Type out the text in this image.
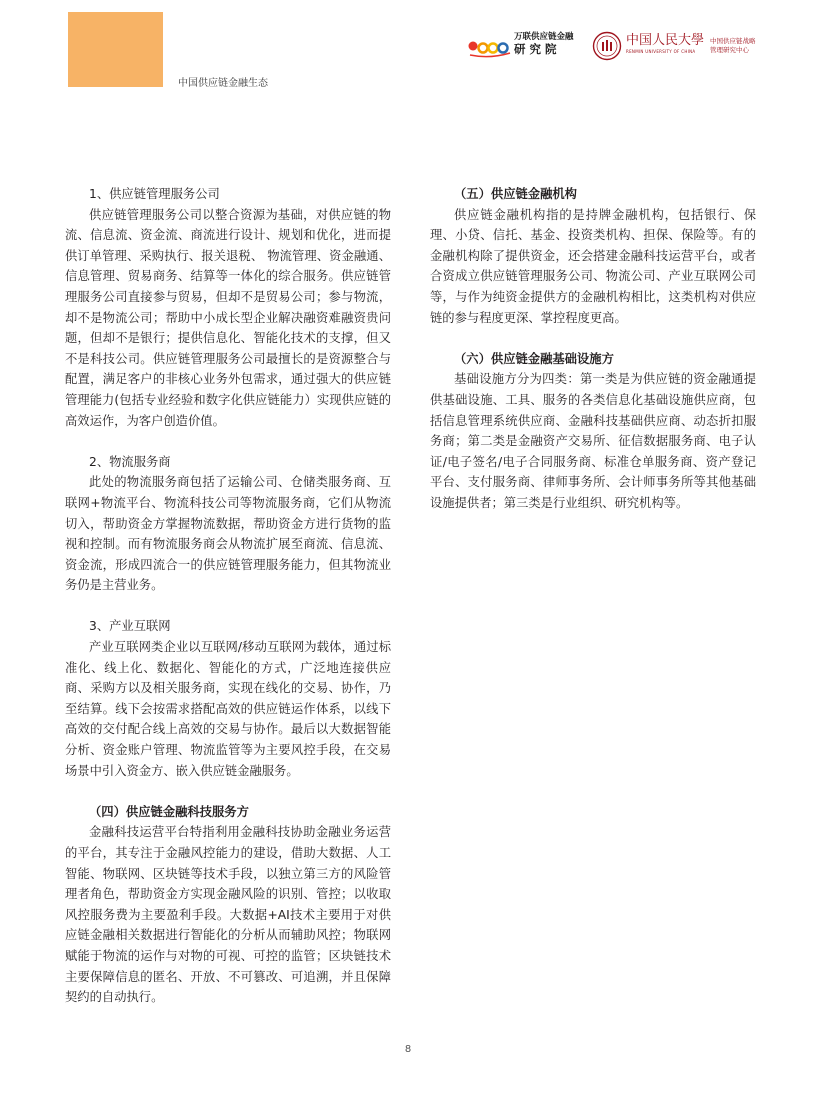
中国供应链金融生态
万联供应链金融
研究院
中国人民大學
RENMIN UNIVERSITY OF CHINA
中国供应链战略
管理研究中心

1、供应链管理服务公司

供应链管理服务公司以整合资源为基础，对供应链的物流、信息流、资金流、商流进行设计、规划和优化，进而提供订单管理、采购执行、报关退税、 物流管理、资金融通、信息管理、贸易商务、结算等一体化的综合服务。供应链管理服务公司直接参与贸易，但却不是贸易公司；参与物流，却不是物流公司；帮助中小成长型企业解决融资难融资贵问题，但却不是银行；提供信息化、智能化技术的支撑，但又不是科技公司。供应链管理服务公司最擅长的是资源整合与配置，满足客户的非核心业务外包需求，通过强大的供应链管理能力(包括专业经验和数字化供应链能力）实现供应链的高效运作，为客户创造价值。

2、物流服务商

此处的物流服务商包括了运输公司、仓储类服务商、互联网+物流平台、物流科技公司等物流服务商，它们从物流切入，帮助资金方掌握物流数据，帮助资金方进行货物的监视和控制。而有物流服务商会从物流扩展至商流、信息流、资金流，形成四流合一的供应链管理服务能力，但其物流业务仍是主营业务。

3、产业互联网

产业互联网类企业以互联网/移动互联网为载体，通过标准化、线上化、数据化、智能化的方式，广泛地连接供应商、采购方以及相关服务商，实现在线化的交易、协作，乃至结算。线下会按需求搭配高效的供应链运作体系，以线下高效的交付配合线上高效的交易与协作。最后以大数据智能分析、资金账户管理、物流监管等为主要风控手段，在交易场景中引入资金方、嵌入供应链金融服务。

（四）供应链金融科技服务方

金融科技运营平台特指利用金融科技协助金融业务运营的平台，其专注于金融风控能力的建设，借助大数据、人工智能、物联网、区块链等技术手段，以独立第三方的风险管理者角色，帮助资金方实现金融风险的识别、管控；以收取风控服务费为主要盈利手段。大数据+AI技术主要用于对供应链金融相关数据进行智能化的分析从而辅助风控；物联网赋能于物流的运作与对物的可视、可控的监管；区块链技术主要保障信息的匿名、开放、不可篡改、可追溯，并且保障契约的自动执行。

（五）供应链金融机构

供应链金融机构指的是持牌金融机构，包括银行、保理、小贷、信托、基金、投资类机构、担保、保险等。有的金融机构除了提供资金，还会搭建金融科技运营平台，或者合资成立供应链管理服务公司、物流公司、产业互联网公司等，与作为纯资金提供方的金融机构相比，这类机构对供应链的参与程度更深、掌控程度更高。

（六）供应链金融基础设施方

基础设施方分为四类：第一类是为供应链的资金融通提供基础设施、工具、服务的各类信息化基础设施供应商，包括信息管理系统供应商、金融科技基础供应商、动态折扣服务商；第二类是金融资产交易所、征信数据服务商、电子认证/电子签名/电子合同服务商、标准仓单服务商、资产登记平台、支付服务商、律师事务所、会计师事务所等其他基础设施提供者；第三类是行业组织、研究机构等。

8
